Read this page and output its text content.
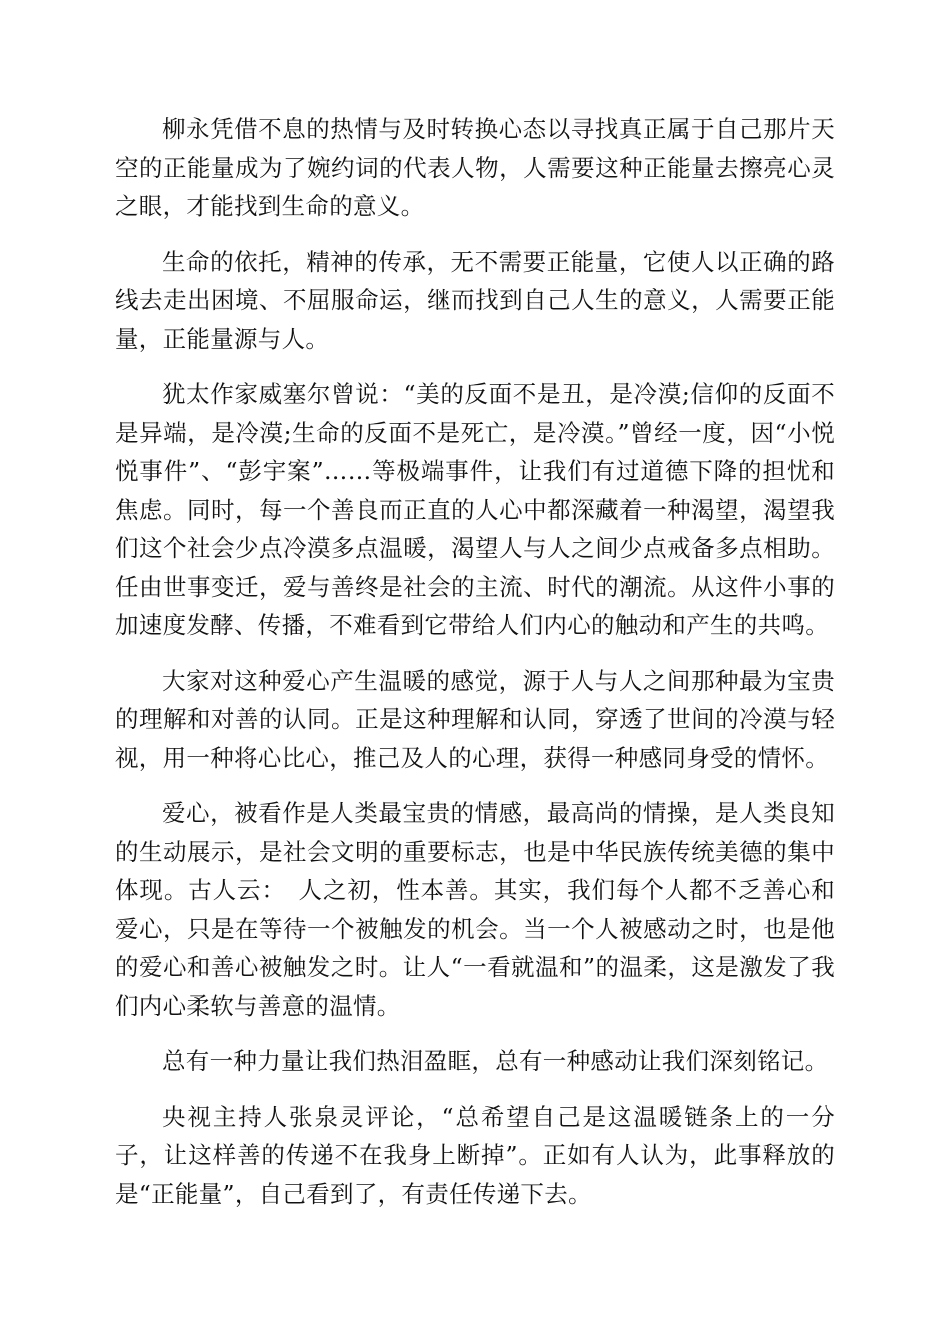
柳永凭借不息的热情与及时转换心态以寻找真正属于自己那片天空的正能量成为了婉约词的代表人物，人需要这种正能量去擦亮心灵之眼，才能找到生命的意义。

生命的依托，精神的传承，无不需要正能量，它使人以正确的路线去走出困境、不屈服命运，继而找到自己人生的意义，人需要正能量，正能量源与人。

犹太作家威塞尔曾说：“美的反面不是丑，是冷漠;信仰的反面不是异端，是冷漠;生命的反面不是死亡，是冷漠。”曾经一度，因“小悦悦事件”、“彭宇案”……等极端事件，让我们有过道德下降的担忧和焦虑。同时，每一个善良而正直的人心中都深藏着一种渴望，渴望我们这个社会少点冷漠多点温暖，渴望人与人之间少点戒备多点相助。任由世事变迁，爱与善终是社会的主流、时代的潮流。从这件小事的加速度发酵、传播，不难看到它带给人们内心的触动和产生的共鸣。

大家对这种爱心产生温暖的感觉，源于人与人之间那种最为宝贵的理解和对善的认同。正是这种理解和认同，穿透了世间的冷漠与轻视，用一种将心比心，推己及人的心理，获得一种感同身受的情怀。

爱心，被看作是人类最宝贵的情感，最高尚的情操，是人类良知的生动展示，是社会文明的重要标志，也是中华民族传统美德的集中体现。古人云：　人之初，性本善。其实，我们每个人都不乏善心和爱心，只是在等待一个被触发的机会。当一个人被感动之时，也是他的爱心和善心被触发之时。让人“一看就温和”的温柔，这是激发了我们内心柔软与善意的温情。

总有一种力量让我们热泪盈眶，总有一种感动让我们深刻铭记。

央视主持人张泉灵评论，“总希望自己是这温暖链条上的一分子，让这样善的传递不在我身上断掉”。正如有人认为，此事释放的是“正能量”，自己看到了，有责任传递下去。
